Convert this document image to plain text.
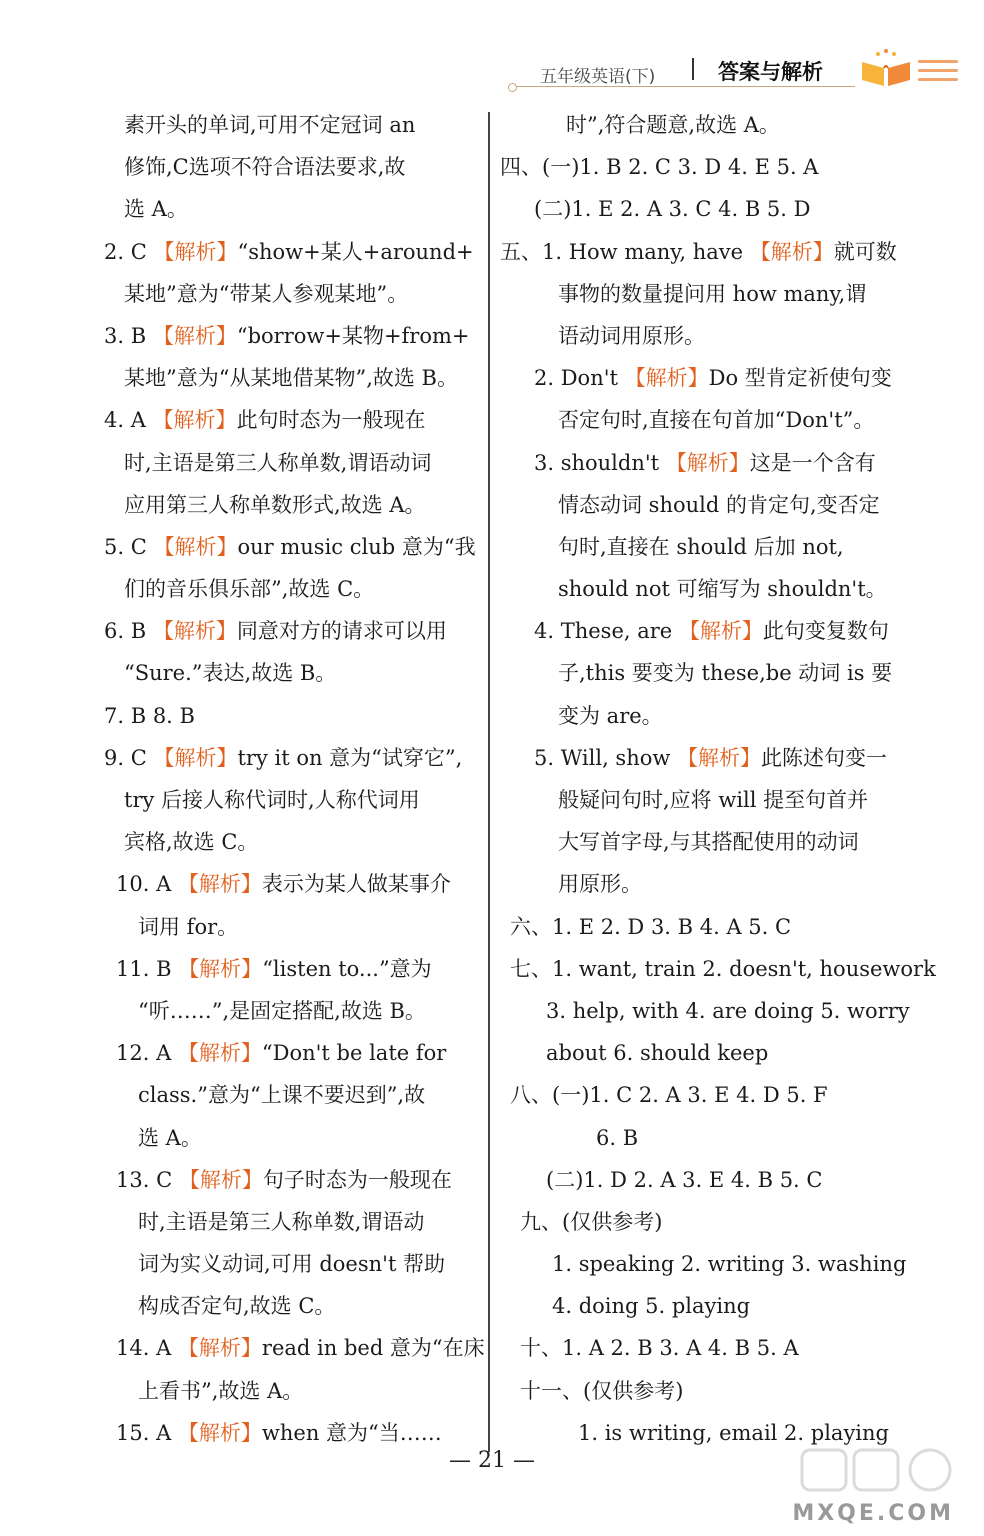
五年级英语(下)	答案与解析
素开头的单词,可用不定冠词 an
修饰,C选项不符合语法要求,故
选 A。
2. C 【解析】“show+某人+around+
某地”意为“带某人参观某地”。
3. B 【解析】“borrow+某物+from+
某地”意为“从某地借某物”,故选 B。
4. A 【解析】此句时态为一般现在
时,主语是第三人称单数,谓语动词
应用第三人称单数形式,故选 A。
5. C 【解析】our music club 意为“我
们的音乐俱乐部”,故选 C。
6. B 【解析】同意对方的请求可以用
“Sure.”表达,故选 B。
7. B 8. B
9. C 【解析】try it on 意为“试穿它”,
try 后接人称代词时,人称代词用
宾格,故选 C。
10. A 【解析】表示为某人做某事介
词用 for。
11. B 【解析】“listen to...”意为
“听……”,是固定搭配,故选 B。
12. A 【解析】“Don't be late for
class.”意为“上课不要迟到”,故
选 A。
13. C 【解析】句子时态为一般现在
时,主语是第三人称单数,谓语动
词为实义动词,可用 doesn't 帮助
构成否定句,故选 C。
14. A 【解析】read in bed 意为“在床
上看书”,故选 A。
15. A 【解析】when 意为“当……
时”,符合题意,故选 A。
四、(一)1. B 2. C 3. D 4. E 5. A
(二)1. E 2. A 3. C 4. B 5. D
五、1. How many, have 【解析】就可数
事物的数量提问用 how many,谓
语动词用原形。
2. Don't 【解析】Do 型肯定祈使句变
否定句时,直接在句首加“Don't”。
3. shouldn't 【解析】这是一个含有
情态动词 should 的肯定句,变否定
句时,直接在 should 后加 not,
should not 可缩写为 shouldn't。
4. These, are 【解析】此句变复数句
子,this 要变为 these,be 动词 is 要
变为 are。
5. Will, show 【解析】此陈述句变一
般疑问句时,应将 will 提至句首并
大写首字母,与其搭配使用的动词
用原形。
六、1. E 2. D 3. B 4. A 5. C
七、1. want, train 2. doesn't, housework
3. help, with 4. are doing 5. worry
about 6. should keep
八、(一)1. C 2. A 3. E 4. D 5. F
6. B
(二)1. D 2. A 3. E 4. B 5. C
九、(仅供参考)
1. speaking 2. writing 3. washing
4. doing 5. playing
十、1. A 2. B 3. A 4. B 5. A
十一、(仅供参考)
1. is writing, email 2. playing
— 21 —
MXQE.COM
